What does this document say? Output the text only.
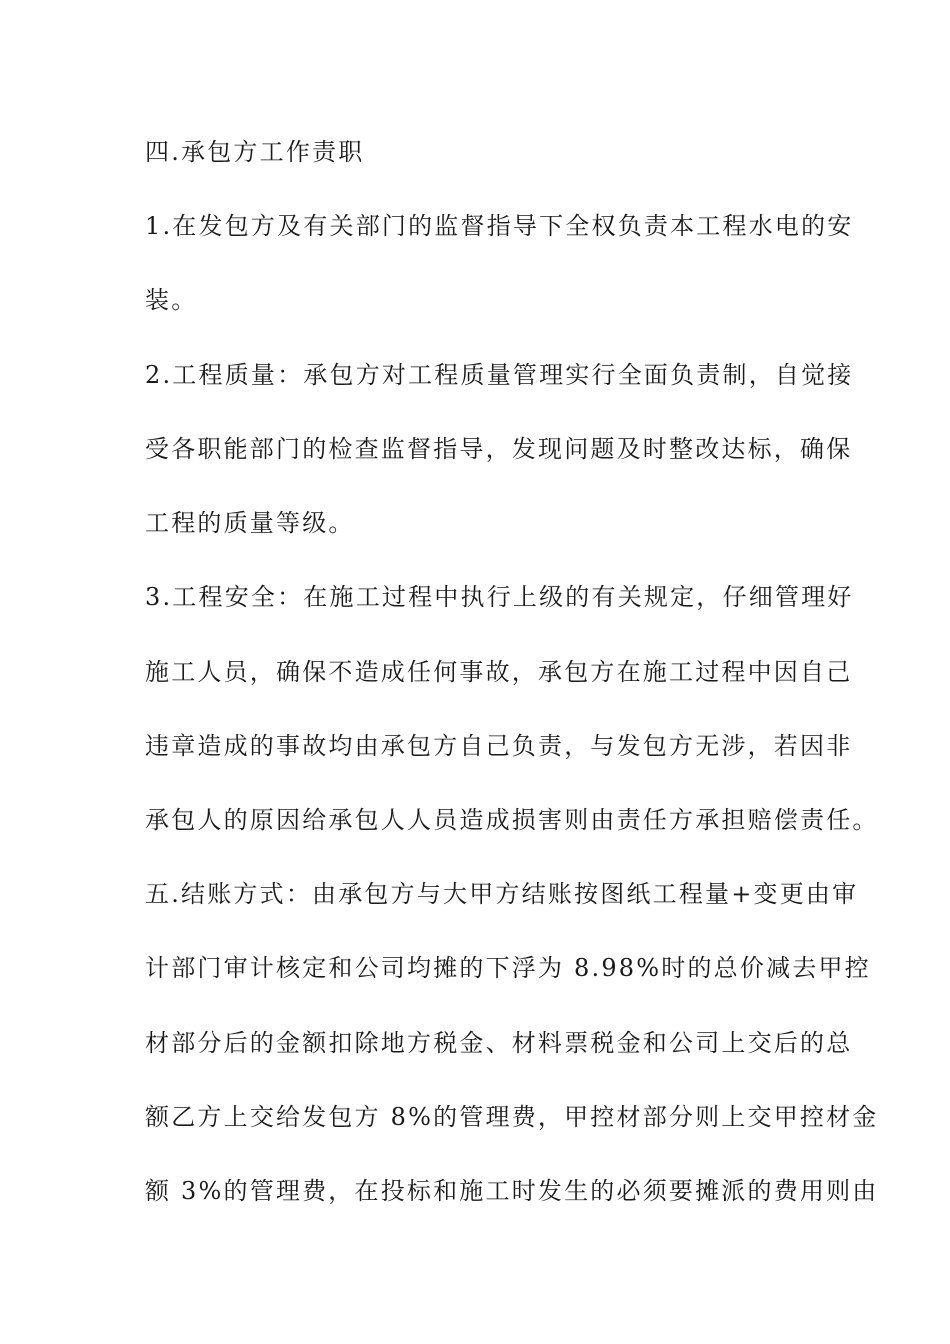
四.承包方工作责职
1.在发包方及有关部门的监督指导下全权负责本工程水电的安
装。
2.工程质量：承包方对工程质量管理实行全面负责制，自觉接
受各职能部门的检查监督指导，发现问题及时整改达标，确保
工程的质量等级。
3.工程安全：在施工过程中执行上级的有关规定，仔细管理好
施工人员，确保不造成任何事故，承包方在施工过程中因自己
违章造成的事故均由承包方自己负责，与发包方无涉，若因非
承包人的原因给承包人人员造成损害则由责任方承担赔偿责任。
五.结账方式：由承包方与大甲方结账按图纸工程量+变更由审
计部门审计核定和公司均摊的下浮为 8.98%时的总价减去甲控
材部分后的金额扣除地方税金、材料票税金和公司上交后的总
额乙方上交给发包方 8%的管理费，甲控材部分则上交甲控材金
额 3%的管理费，在投标和施工时发生的必须要摊派的费用则由
